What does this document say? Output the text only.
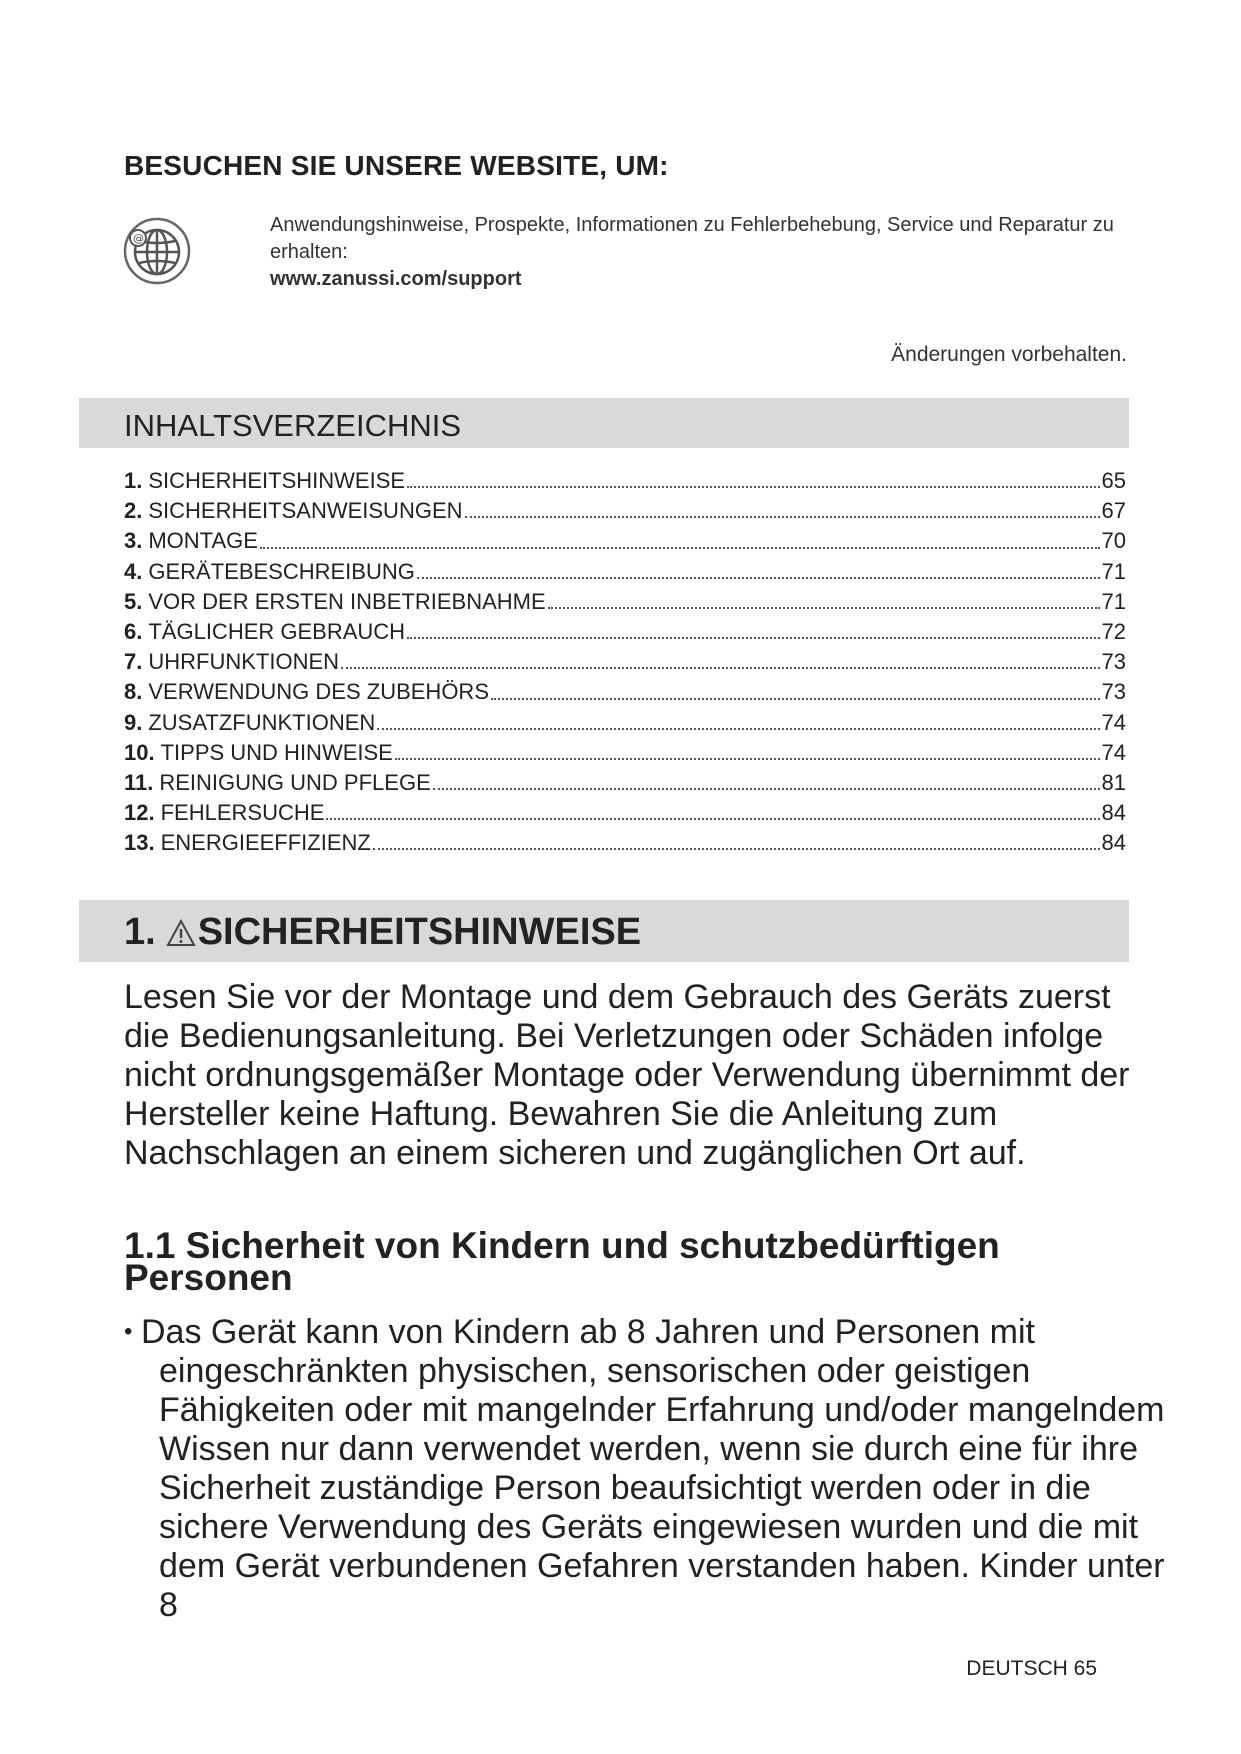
BESUCHEN SIE UNSERE WEBSITE, UM:
@
Anwendungshinweise, Prospekte, Informationen zu Fehlerbehebung, Service und Reparatur zu erhalten:
www.zanussi.com/support
Änderungen vorbehalten.
INHALTSVERZEICHNIS
1. SICHERHEITSHINWEISE	65
2. SICHERHEITSANWEISUNGEN	67
3. MONTAGE	70
4. GERÄTEBESCHREIBUNG	71
5. VOR DER ERSTEN INBETRIEBNAHME	71
6. TÄGLICHER GEBRAUCH	72
7. UHRFUNKTIONEN	73
8. VERWENDUNG DES ZUBEHÖRS	73
9. ZUSATZFUNKTIONEN	74
10. TIPPS UND HINWEISE	74
11. REINIGUNG UND PFLEGE	81
12. FEHLERSUCHE	84
13. ENERGIEEFFIZIENZ	84
1. SICHERHEITSHINWEISE

Lesen Sie vor der Montage und dem Gebrauch des Geräts zuerst die Bedienungsanleitung. Bei Verletzungen oder Schäden infolge nicht ordnungsgemäßer Montage oder Verwendung übernimmt der Hersteller keine Haftung. Bewahren Sie die Anleitung zum Nachschlagen an einem sicheren und zugänglichen Ort auf.

1.1 Sicherheit von Kindern und schutzbedürftigen Personen

• Das Gerät kann von Kindern ab 8 Jahren und Personen mit eingeschränkten physischen, sensorischen oder geistigen Fähigkeiten oder mit mangelnder Erfahrung und/oder mangelndem Wissen nur dann verwendet werden, wenn sie durch eine für ihre Sicherheit zuständige Person beaufsichtigt werden oder in die sichere Verwendung des Geräts eingewiesen wurden und die mit dem Gerät verbundenen Gefahren verstanden haben. Kinder unter 8

DEUTSCH 65
